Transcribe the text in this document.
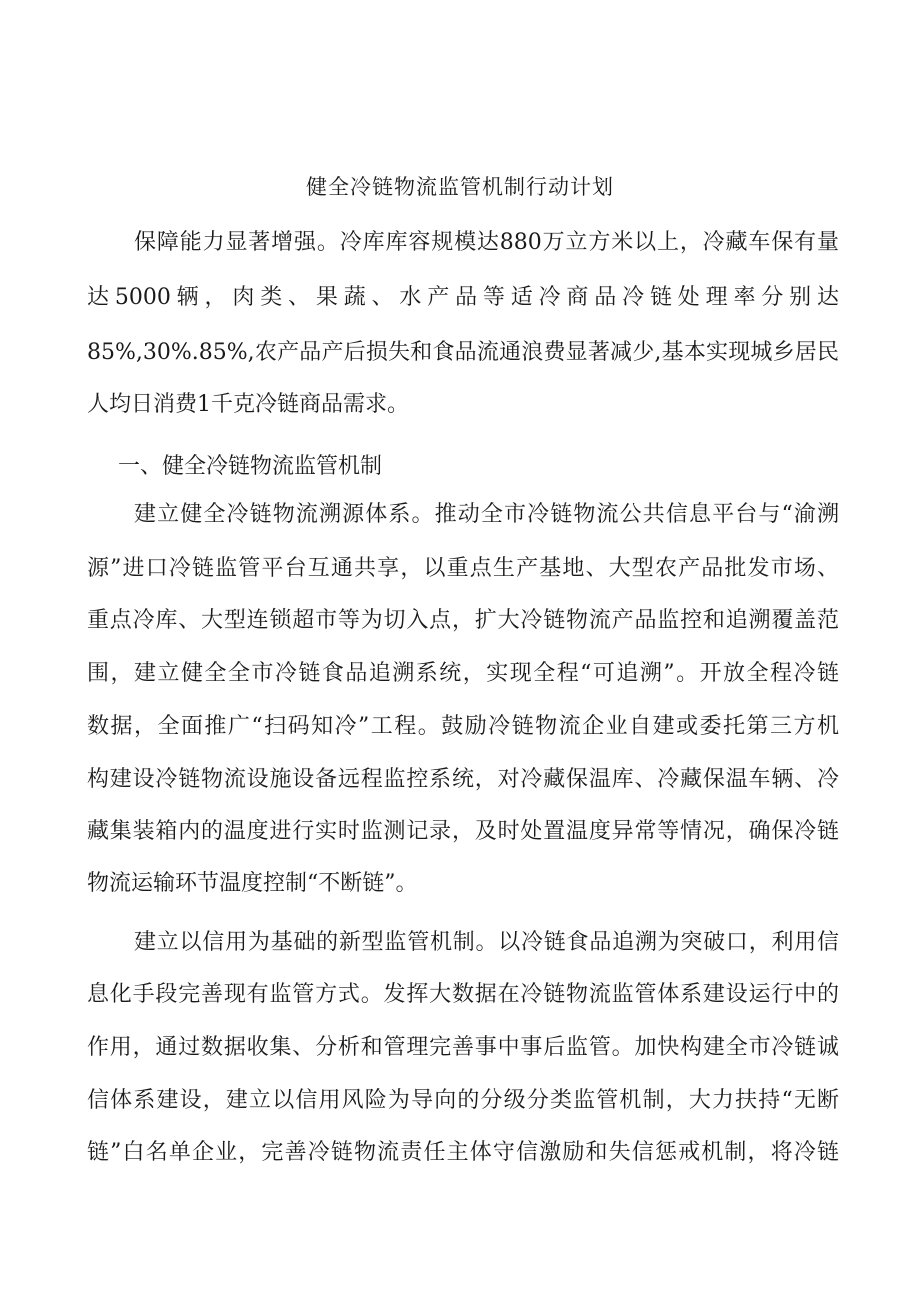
健全冷链物流监管机制行动计划
保障能力显著增强。冷库库容规模达880万立方米以上，冷藏车保有量
达5000辆，肉类、果蔬、水产品等适冷商品冷链处理率分别达
85%,30%.85%,农产品产后损失和食品流通浪费显著减少,基本实现城乡居民
人均日消费1千克冷链商品需求。
一、健全冷链物流监管机制
建立健全冷链物流溯源体系。推动全市冷链物流公共信息平台与“渝溯
源”进口冷链监管平台互通共享，以重点生产基地、大型农产品批发市场、
重点冷库、大型连锁超市等为切入点，扩大冷链物流产品监控和追溯覆盖范
围，建立健全全市冷链食品追溯系统，实现全程“可追溯”。开放全程冷链
数据，全面推广“扫码知冷”工程。鼓励冷链物流企业自建或委托第三方机
构建设冷链物流设施设备远程监控系统，对冷藏保温库、冷藏保温车辆、冷
藏集装箱内的温度进行实时监测记录，及时处置温度异常等情况，确保冷链
物流运输环节温度控制“不断链”。
建立以信用为基础的新型监管机制。以冷链食品追溯为突破口，利用信
息化手段完善现有监管方式。发挥大数据在冷链物流监管体系建设运行中的
作用，通过数据收集、分析和管理完善事中事后监管。加快构建全市冷链诚
信体系建设，建立以信用风险为导向的分级分类监管机制，大力扶持“无断
链”白名单企业，完善冷链物流责任主体守信激励和失信惩戒机制，将冷链
